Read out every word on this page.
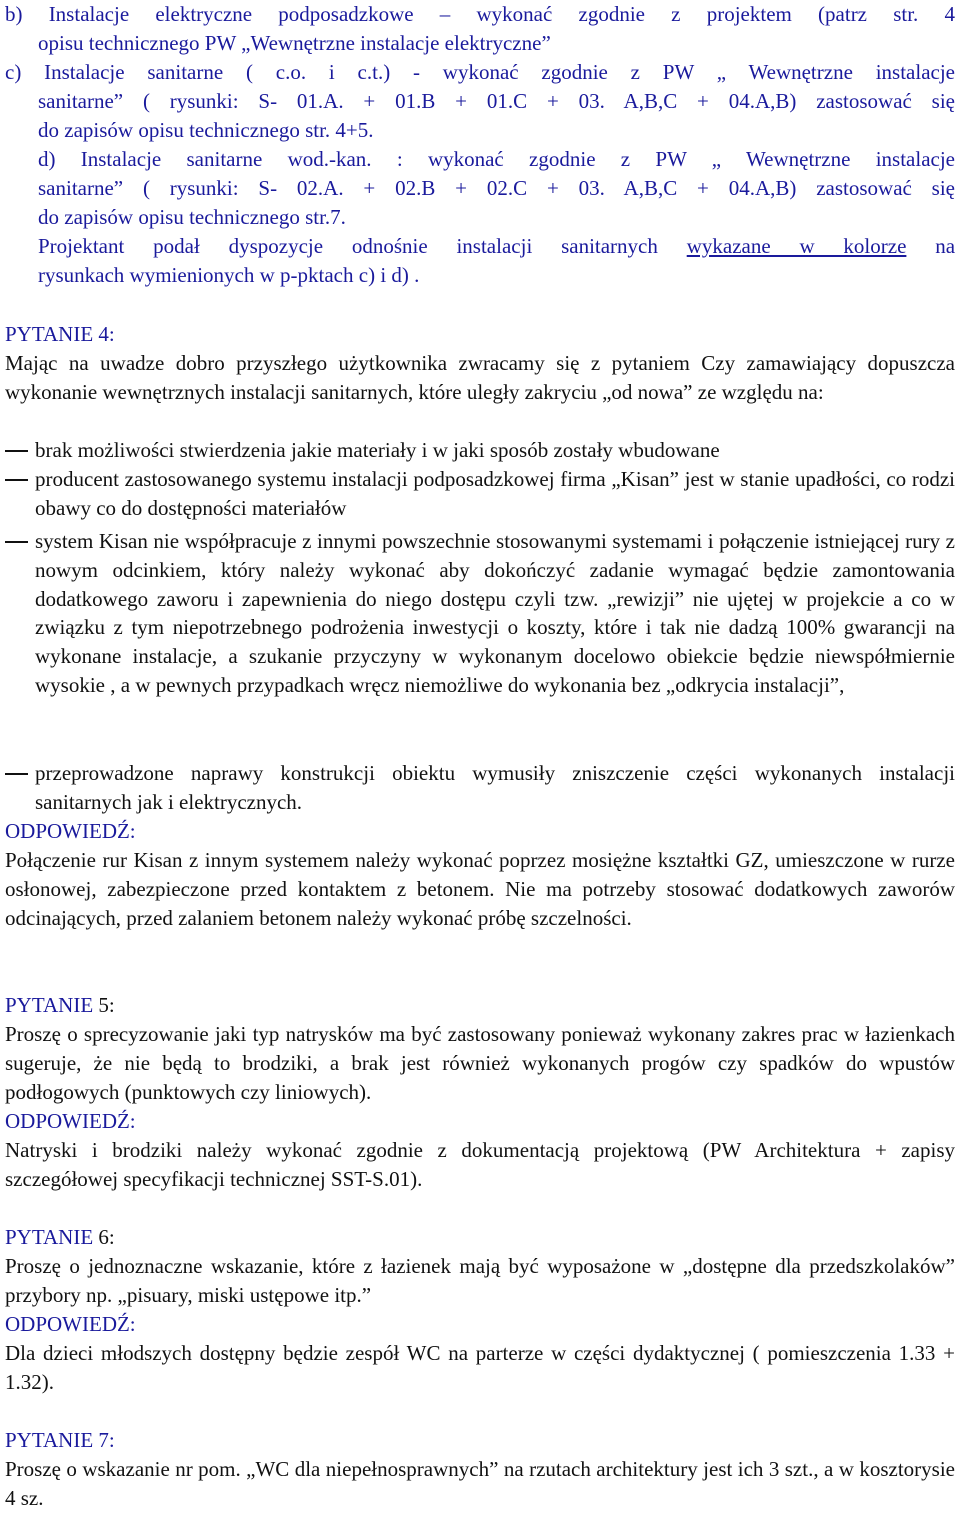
b) Instalacje elektryczne podposadzkowe – wykonać zgodnie z projektem (patrz str. 4
opisu technicznego PW „Wewnętrzne instalacje elektryczne”
c) Instalacje sanitarne ( c.o. i c.t.) - wykonać zgodnie z PW „ Wewnętrzne instalacje
sanitarne” ( rysunki: S- 01.A. + 01.B + 01.C + 03. A,B,C + 04.A,B) zastosować się
do zapisów opisu technicznego str. 4+5.
d) Instalacje sanitarne wod.-kan. : wykonać zgodnie z PW „ Wewnętrzne instalacje
sanitarne” ( rysunki: S- 02.A. + 02.B + 02.C + 03. A,B,C + 04.A,B) zastosować się
do zapisów opisu technicznego str.7.
Projektant podał dyspozycje odnośnie instalacji sanitarnych wykazane w kolorze na
rysunkach wymienionych w p-pktach c) i d) .
PYTANIE 4:
Mając na uwadze dobro przyszłego użytkownika zwracamy się z pytaniem Czy zamawiający dopuszcza wykonanie wewnętrznych instalacji sanitarnych, które uległy zakryciu „od nowa” ze względu na:
brak możliwości stwierdzenia jakie materiały i w jaki sposób zostały wbudowane
producent zastosowanego systemu instalacji podposadzkowej firma „Kisan” jest w stanie upadłości, co rodzi obawy co do dostępności materiałów
system Kisan nie współpracuje z innymi powszechnie stosowanymi systemami i połączenie istniejącej rury z nowym odcinkiem, który należy wykonać aby dokończyć zadanie wymagać będzie zamontowania dodatkowego zaworu i zapewnienia do niego dostępu czyli tzw. „rewizji” nie ujętej w projekcie a co w związku z tym niepotrzebnego podrożenia inwestycji o koszty, które i tak nie dadzą 100% gwarancji na wykonane instalacje, a szukanie przyczyny w wykonanym docelowo obiekcie będzie niewspółmiernie wysokie , a w pewnych przypadkach wręcz niemożliwe do wykonania bez „odkrycia instalacji”,
przeprowadzone naprawy konstrukcji obiektu wymusiły zniszczenie części wykonanych instalacji sanitarnych jak i elektrycznych.
ODPOWIEDŹ:
Połączenie rur Kisan z innym systemem należy wykonać poprzez mosiężne kształtki GZ, umieszczone w rurze osłonowej, zabezpieczone przed kontaktem z betonem. Nie ma potrzeby stosować dodatkowych zaworów odcinających, przed zalaniem betonem należy wykonać próbę szczelności.
PYTANIE 5:
Proszę o sprecyzowanie jaki typ natrysków ma być zastosowany ponieważ wykonany zakres prac w łazienkach sugeruje, że nie będą to brodziki, a brak jest również wykonanych progów czy spadków do wpustów podłogowych (punktowych czy liniowych).
ODPOWIEDŹ:
Natryski i brodziki należy wykonać zgodnie z dokumentacją projektową (PW Architektura + zapisy szczegółowej specyfikacji technicznej SST-S.01).
PYTANIE 6:
Proszę o jednoznaczne wskazanie, które z łazienek mają być wyposażone w „dostępne dla przedszkolaków” przybory np. „pisuary, miski ustępowe itp.”
ODPOWIEDŹ:
Dla dzieci młodszych dostępny będzie zespół WC na parterze w części dydaktycznej ( pomieszczenia 1.33 + 1.32).
PYTANIE 7:
Proszę o wskazanie nr pom. „WC dla niepełnosprawnych” na rzutach architektury jest ich 3 szt., a w kosztorysie 4 sz.
